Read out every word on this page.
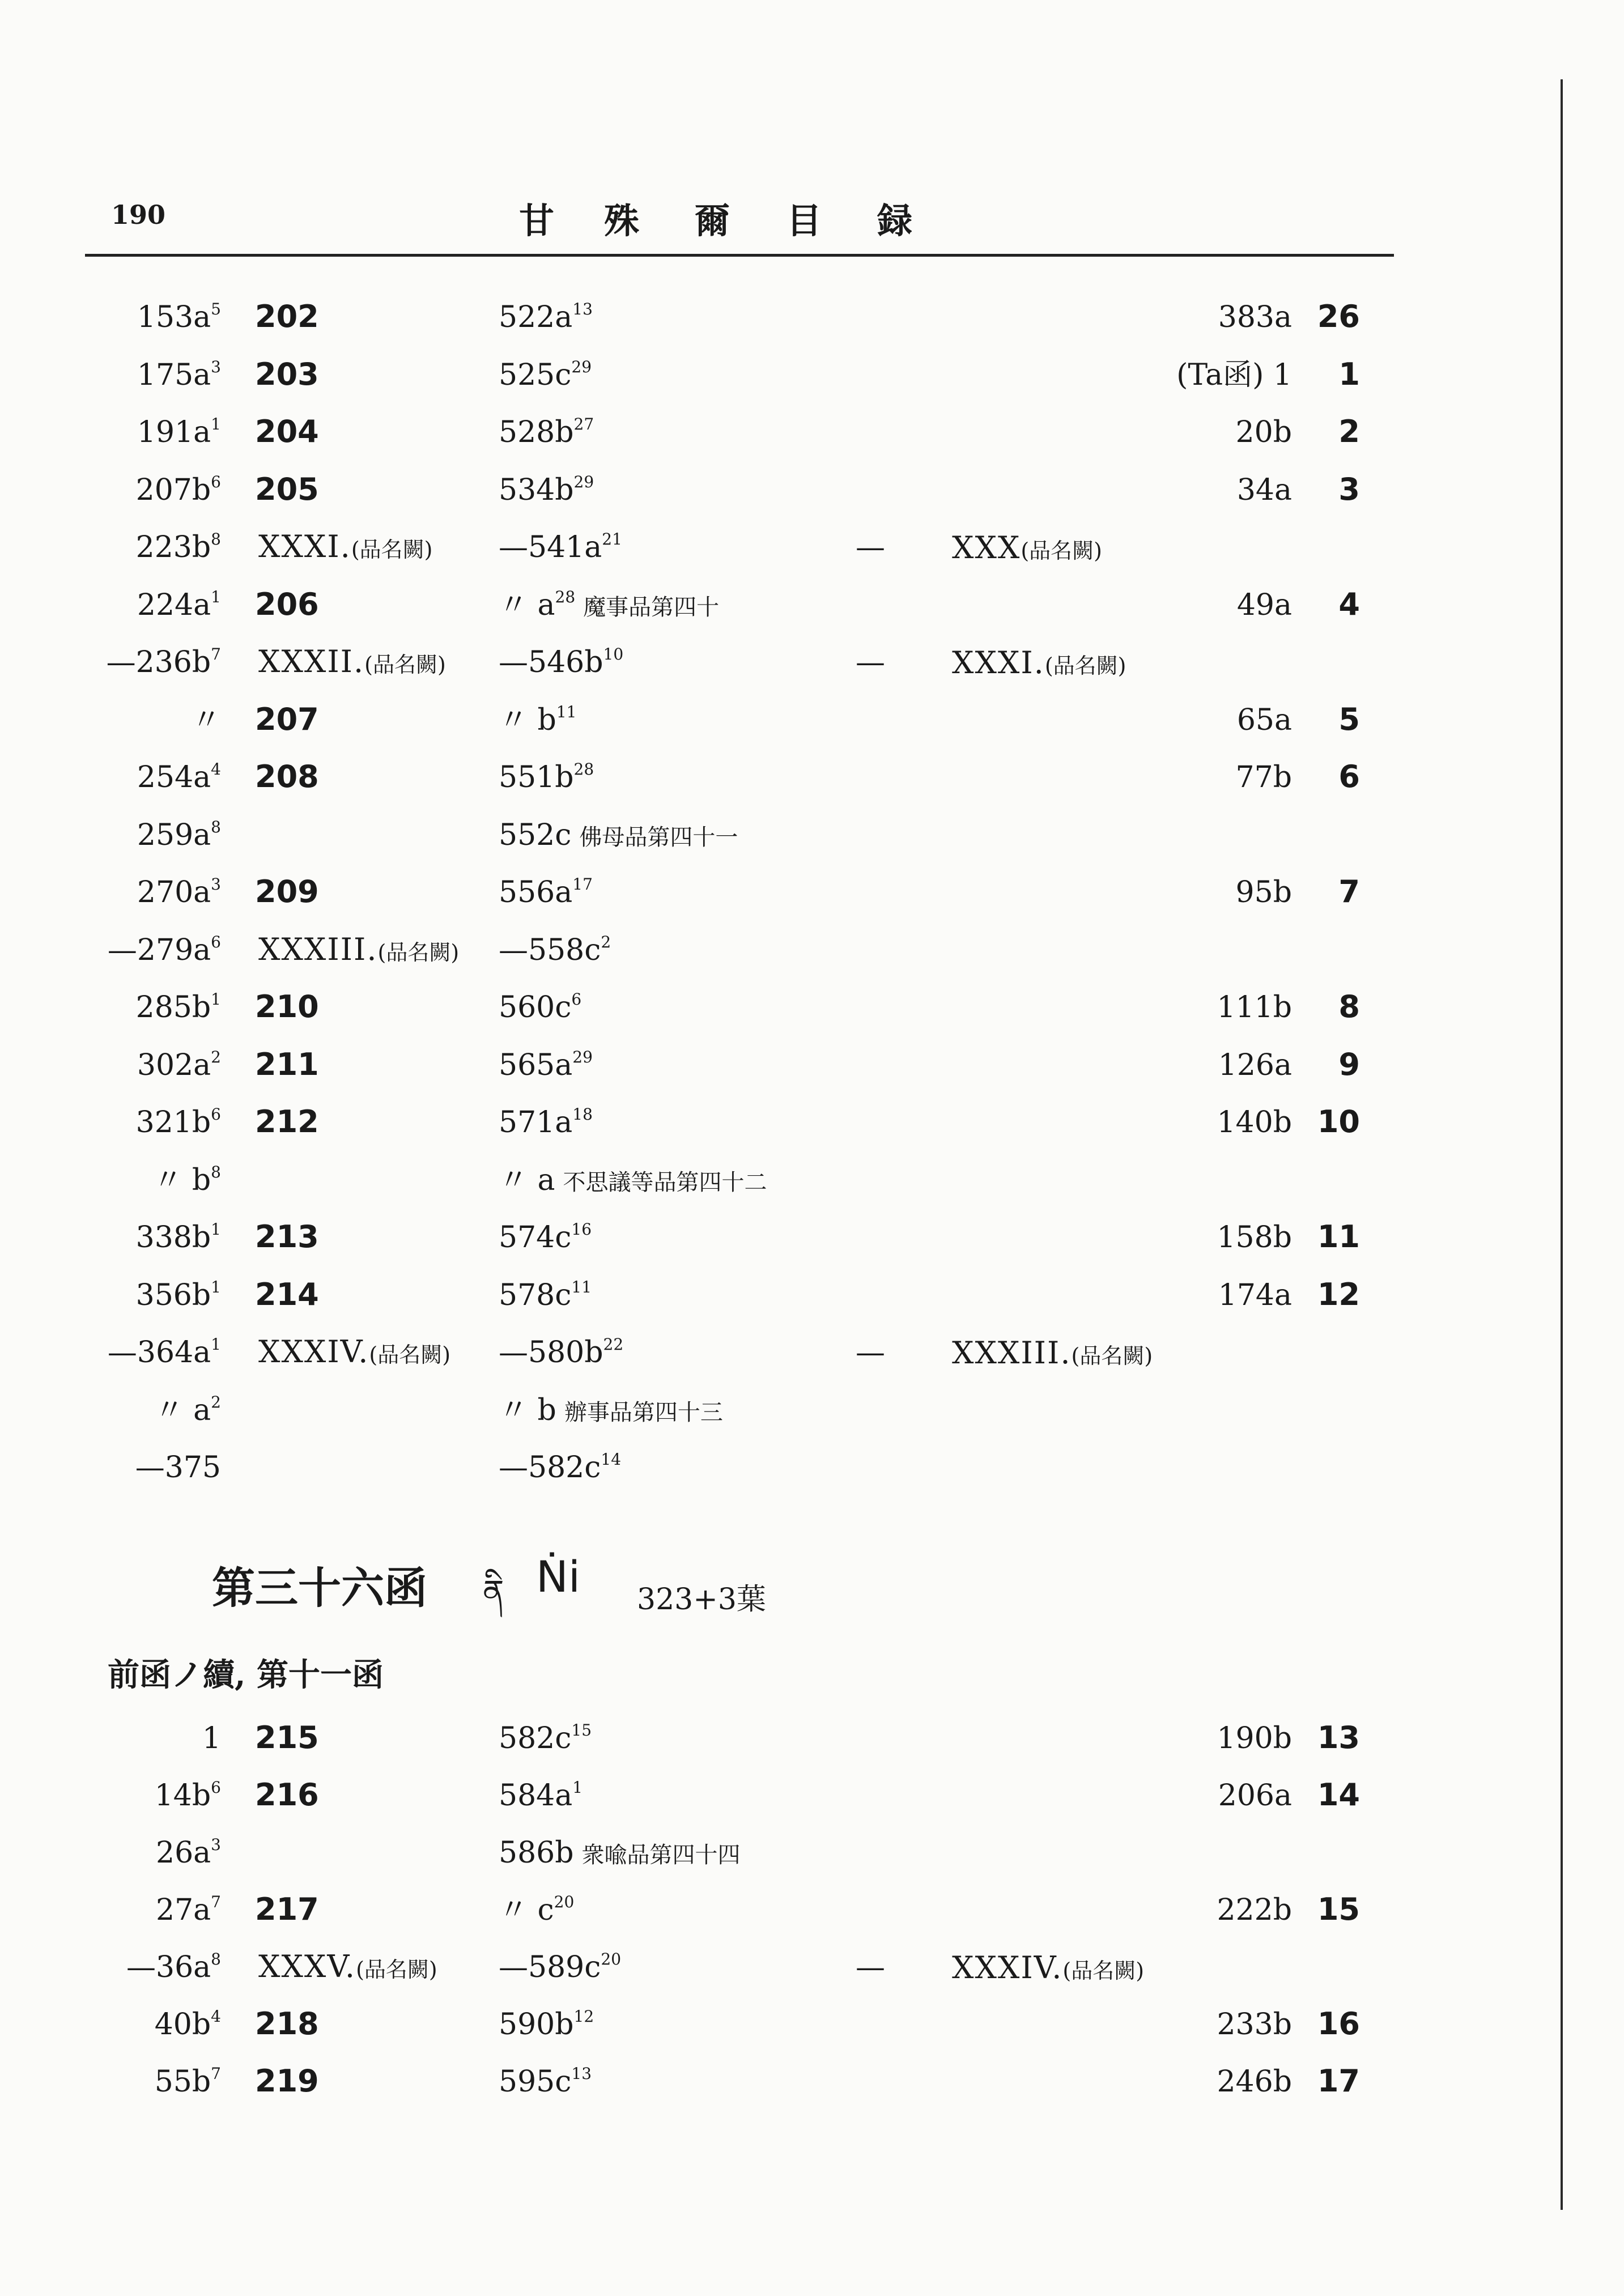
190	甘 殊 爾 目 録
$153a^5$ 202	$522a^{13}$	383a 26
$175a^3$ 203	$525c^{29}$	(Ta函) 1	1
$191a^1$ 204	$528b^{27}$	20b	2
$207b^6$ 205	$534b^{29}$	34a	3
$223b^8$ XXXI.(品名闕) $—541a^{21}$	— XXX(品名闕)
$224a^1$ 206	〃 $a^{28}$ 魔事品第四十	49a	4
$—236b^7$ XXXII.(品名闕) $—546b^{10}$	— XXXI.(品名闕)
〃 207	〃 $b^{11}$	65a	5
$254a^4$ 208	$551b^{28}$	77b	6
$259a^8$	552c 佛母品第四十一
$270a^3$ 209	$556a^{17}$	95b	7
$—279a^6$ XXXIII.(品名闕) $—558c^2$
$285b^1$ 210	$560c^6$	111b	8
$302a^2$ 211	$565a^{29}$	126a	9
$321b^6$ 212	$571a^{18}$	140b 10
〃 $b^8$	〃 a 不思議等品第四十二
$338b^1$ 213	$574c^{16}$	158b 11
$356b^1$ 214	$578c^{11}$	174a 12
$—364a^1$ XXXIV.(品名闕) $—580b^{22}$	— XXXIII.(品名闕)
〃 $a^2$	〃 b 辦事品第四十三
—375	$—582c^{14}$
第三十六函 ནི Ṅi 323+3葉
前函ノ續, 第十一函
1 215	$582c^{15}$	190b 13
$14b^6$ 216	$584a^1$	206a 14
$26a^3$	586b 衆喩品第四十四
$27a^7$ 217	〃 $c^{20}$	222b 15
$—36a^8$ XXXV.(品名闕) $—589c^{20}$	— XXXIV.(品名闕)
$40b^4$ 218	$590b^{12}$	233b 16
$55b^7$ 219	$595c^{13}$	246b 17
